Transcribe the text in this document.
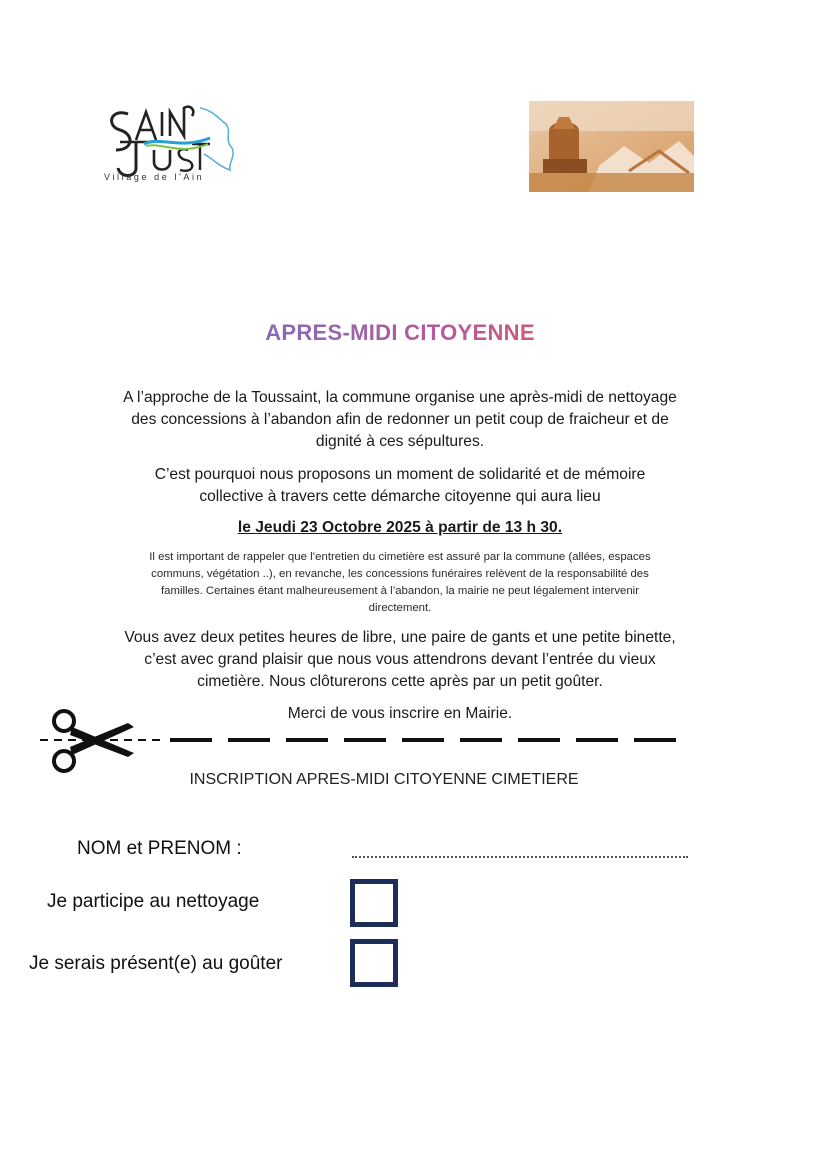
Village de l'Ain
APRES-MIDI CITOYENNE
A l’approche de la Toussaint, la commune organise une après-midi de nettoyage
des concessions à l’abandon afin de redonner un petit coup de fraicheur et de
dignité à ces sépultures.
C’est pourquoi nous proposons un moment de solidarité et de mémoire
collective à travers cette démarche citoyenne qui aura lieu
le Jeudi 23 Octobre 2025 à partir de 13 h 30.
Il est important de rappeler que l’entretien du cimetière est assuré par la commune (allées, espaces
communs, végétation ..), en revanche, les concessions funéraires relèvent de la responsabilité des
familles. Certaines étant malheureusement à l’abandon, la mairie ne peut légalement intervenir
directement.
Vous avez deux petites heures de libre, une paire de gants et une petite binette,
c’est avec grand plaisir que nous vous attendrons devant l’entrée du vieux
cimetière. Nous clôturerons cette après par un petit goûter.
Merci de vous inscrire en Mairie.
INSCRIPTION APRES-MIDI CITOYENNE CIMETIERE
NOM et PRENOM :
Je participe au nettoyage
Je serais présent(e) au goûter
